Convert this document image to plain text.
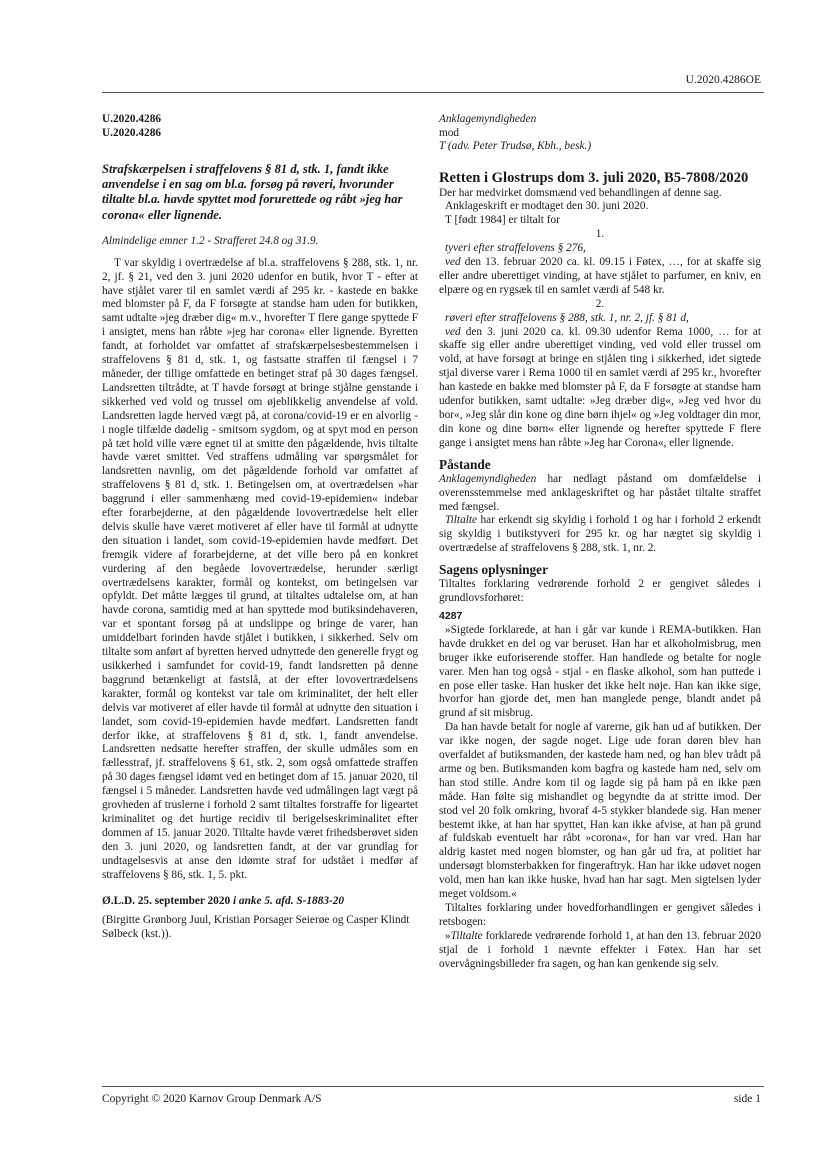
U.2020.4286OE
U.2020.4286
U.2020.4286
Strafskærpelsen i straffelovens § 81 d, stk. 1, fandt ikke anvendelse i en sag om bl.a. forsøg på røveri, hvorunder tiltalte bl.a. havde spyttet mod forurettede og råbt »jeg har corona« eller lignende.
Almindelige emner 1.2 - Strafferet 24.8 og 31.9.
T var skyldig i overtrædelse af bl.a. straffelovens § 288, stk. 1, nr. 2, jf. § 21, ved den 3. juni 2020 udenfor en butik, hvor T - efter at have stjålet varer til en samlet værdi af 295 kr. - kastede en bakke med blomster på F, da F forsøgte at standse ham uden for butikken, samt udtalte »jeg dræber dig« m.v., hvorefter T flere gange spyttede F i ansigtet, mens han råbte »jeg har corona« eller lignende. Byretten fandt, at forholdet var omfattet af strafskærpelsesbestemmelsen i straffelovens § 81 d, stk. 1, og fastsatte straffen til fængsel i 7 måneder, der tillige omfattede en betinget straf på 30 dages fængsel. Landsretten tiltrådte, at T havde forsøgt at bringe stjålne genstande i sikkerhed ved vold og trussel om øjeblikkelig anvendelse af vold. Landsretten lagde herved vægt på, at corona/covid-19 er en alvorlig - i nogle tilfælde dødelig - smitsom sygdom, og at spyt mod en person på tæt hold ville være egnet til at smitte den pågældende, hvis tiltalte havde været smittet. Ved straffens udmåling var spørgsmålet for landsretten navnlig, om det pågældende forhold var omfattet af straffelovens § 81 d, stk. 1. Betingelsen om, at overtrædelsen »har baggrund i eller sammenhæng med covid-19-epidemien« indebar efter forarbejderne, at den pågældende lovovertrædelse helt eller delvis skulle have været motiveret af eller have til formål at udnytte den situation i landet, som covid-19-epidemien havde medført. Det fremgik videre af forarbejderne, at det ville bero på en konkret vurdering af den begåede lovovertrædelse, herunder særligt overtrædelsens karakter, formål og kontekst, om betingelsen var opfyldt. Det måtte lægges til grund, at tiltaltes udtalelse om, at han havde corona, samtidig med at han spyttede mod butiksindehaveren, var et spontant forsøg på at undslippe og bringe de varer, han umiddelbart forinden havde stjålet i butikken, i sikkerhed. Selv om tiltalte som anført af byretten herved udnyttede den generelle frygt og usikkerhed i samfundet for covid-19, fandt landsretten på denne baggrund betænkeligt at fastslå, at der efter lovovertrædelsens karakter, formål og kontekst var tale om kriminalitet, der helt eller delvis var motiveret af eller havde til formål at udnytte den situation i landet, som covid-19-epidemien havde medført. Landsretten fandt derfor ikke, at straffelovens § 81 d, stk. 1, fandt anvendelse. Landsretten nedsatte herefter straffen, der skulle udmåles som en fællesstraf, jf. straffelovens § 61, stk. 2, som også omfattede straffen på 30 dages fængsel idømt ved en betinget dom af 15. januar 2020, til fængsel i 5 måneder. Landsretten havde ved udmålingen lagt vægt på grovheden af truslerne i forhold 2 samt tiltaltes forstraffe for ligeartet kriminalitet og det hurtige recidiv til berigelseskriminalitet efter dommen af 15. januar 2020. Tiltalte havde været frihedsberøvet siden den 3. juni 2020, og landsretten fandt, at der var grundlag for undtagelsesvis at anse den idømte straf for udstået i medfør af straffelovens § 86, stk. 1, 5. pkt.
Ø.L.D. 25. september 2020 i anke 5. afd. S-1883-20
(Birgitte Grønborg Juul, Kristian Porsager Seierøe og Casper Klindt Sølbeck (kst.)).
Anklagemyndigheden
mod
T (adv. Peter Trudsø, Kbh., besk.)
Retten i Glostrups dom 3. juli 2020, B5-7808/2020
Der har medvirket domsmænd ved behandlingen af denne sag.
Anklageskrift er modtaget den 30. juni 2020.
T [født 1984] er tiltalt for
1.
tyveri efter straffelovens § 276,
ved den 13. februar 2020 ca. kl. 09.15 i Føtex, …, for at skaffe sig eller andre uberettiget vinding, at have stjålet to parfumer, en kniv, en elpære og en rygsæk til en samlet værdi af 548 kr.
2.
røveri efter straffelovens § 288, stk. 1, nr. 2, jf. § 81 d,
ved den 3. juni 2020 ca. kl. 09.30 udenfor Rema 1000, … for at skaffe sig eller andre uberettiget vinding, ved vold eller trussel om vold, at have forsøgt at bringe en stjålen ting i sikkerhed, idet sigtede stjal diverse varer i Rema 1000 til en samlet værdi af 295 kr., hvorefter han kastede en bakke med blomster på F, da F forsøgte at standse ham udenfor butikken, samt udtalte: »Jeg dræber dig«, »Jeg ved hvor du bor«, »Jeg slår din kone og dine børn ihjel« og »Jeg voldtager din mor, din kone og dine børn« eller lignende og herefter spyttede F flere gange i ansigtet mens han råbte »Jeg har Corona«, eller lignende.
Påstande
Anklagemyndigheden har nedlagt påstand om domfældelse i overensstemmelse med anklageskriftet og har påstået tiltalte straffet med fængsel.
Tiltalte har erkendt sig skyldig i forhold 1 og har i forhold 2 erkendt sig skyldig i butikstyveri for 295 kr. og har nægtet sig skyldig i overtrædelse af straffelovens § 288, stk. 1, nr. 2.
Sagens oplysninger
Tiltaltes forklaring vedrørende forhold 2 er gengivet således i grundlovsforhøret:
4287
»Sigtede forklarede, at han i går var kunde i REMA-butikken. Han havde drukket en del og var beruset. Han har et alkoholmisbrug, men bruger ikke euforiserende stoffer. Han handlede og betalte for nogle varer. Men han tog også - stjal - en flaske alkohol, som han puttede i en pose eller taske. Han husker det ikke helt nøje. Han kan ikke sige, hvorfor han gjorde det, men han manglede penge, blandt andet på grund af sit misbrug.
Da han havde betalt for nogle af varerne, gik han ud af butikken. Der var ikke nogen, der sagde noget. Lige ude foran døren blev han overfaldet af butiksmanden, der kastede ham ned, og han blev trådt på arme og ben. Butiksmanden kom bagfra og kastede ham ned, selv om han stod stille. Andre kom til og lagde sig på ham på en ikke pæn måde. Han følte sig mishandlet og begyndte da at stritte imod. Der stod vel 20 folk omkring, hvoraf 4-5 stykker blandede sig. Han mener bestemt ikke, at han har spyttet, Han kan ikke afvise, at han på grund af fuldskab eventuelt har råbt »corona«, for han var vred. Han har aldrig kastet med nogen blomster, og han går ud fra, at politiet har undersøgt blomsterbakken for fingeraftryk. Han har ikke udøvet nogen vold, men han kan ikke huske, hvad han har sagt. Men sigtelsen lyder meget voldsom.«
Tiltaltes forklaring under hovedforhandlingen er gengivet således i retsbogen:
»Tiltalte forklarede vedrørende forhold 1, at han den 13. februar 2020 stjal de i forhold 1 nævnte effekter i Føtex. Han har set overvågningsbilleder fra sagen, og han kan genkende sig selv.
Copyright © 2020 Karnov Group Denmark A/S	side 1
